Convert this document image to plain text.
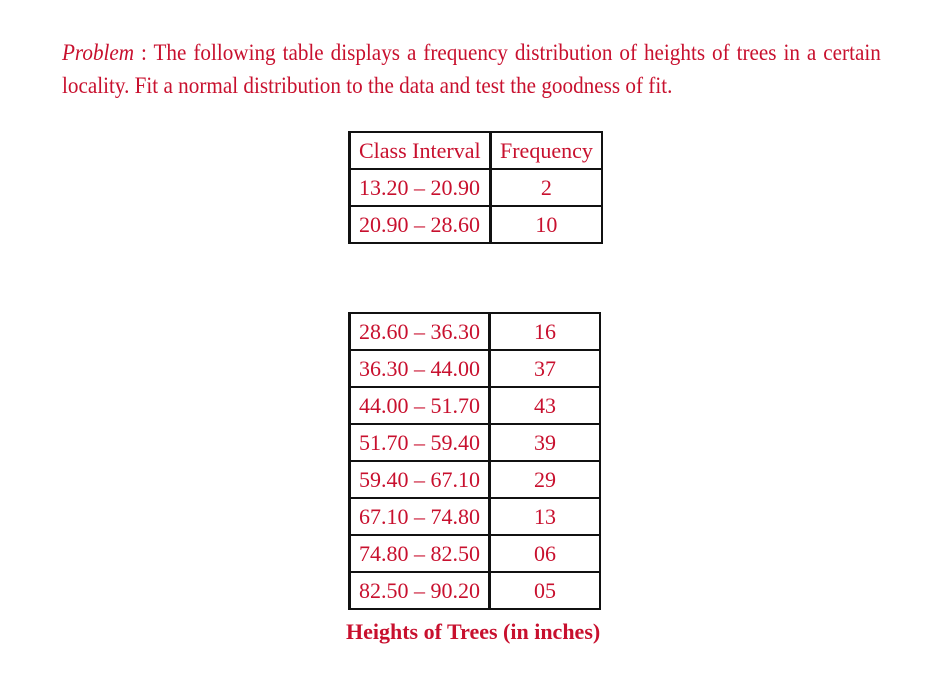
Problem : The following table displays a frequency distribution of heights of trees in a certain locality. Fit a normal distribution to the data and test the goodness of fit.

Class Interval	Frequency
13.20 – 20.90	2
20.90 – 28.60	10
28.60 – 36.30	16
36.30 – 44.00	37
44.00 – 51.70	43
51.70 – 59.40	39
59.40 – 67.10	29
67.10 – 74.80	13
74.80 – 82.50	06
82.50 – 90.20	05
Heights of Trees (in inches)
